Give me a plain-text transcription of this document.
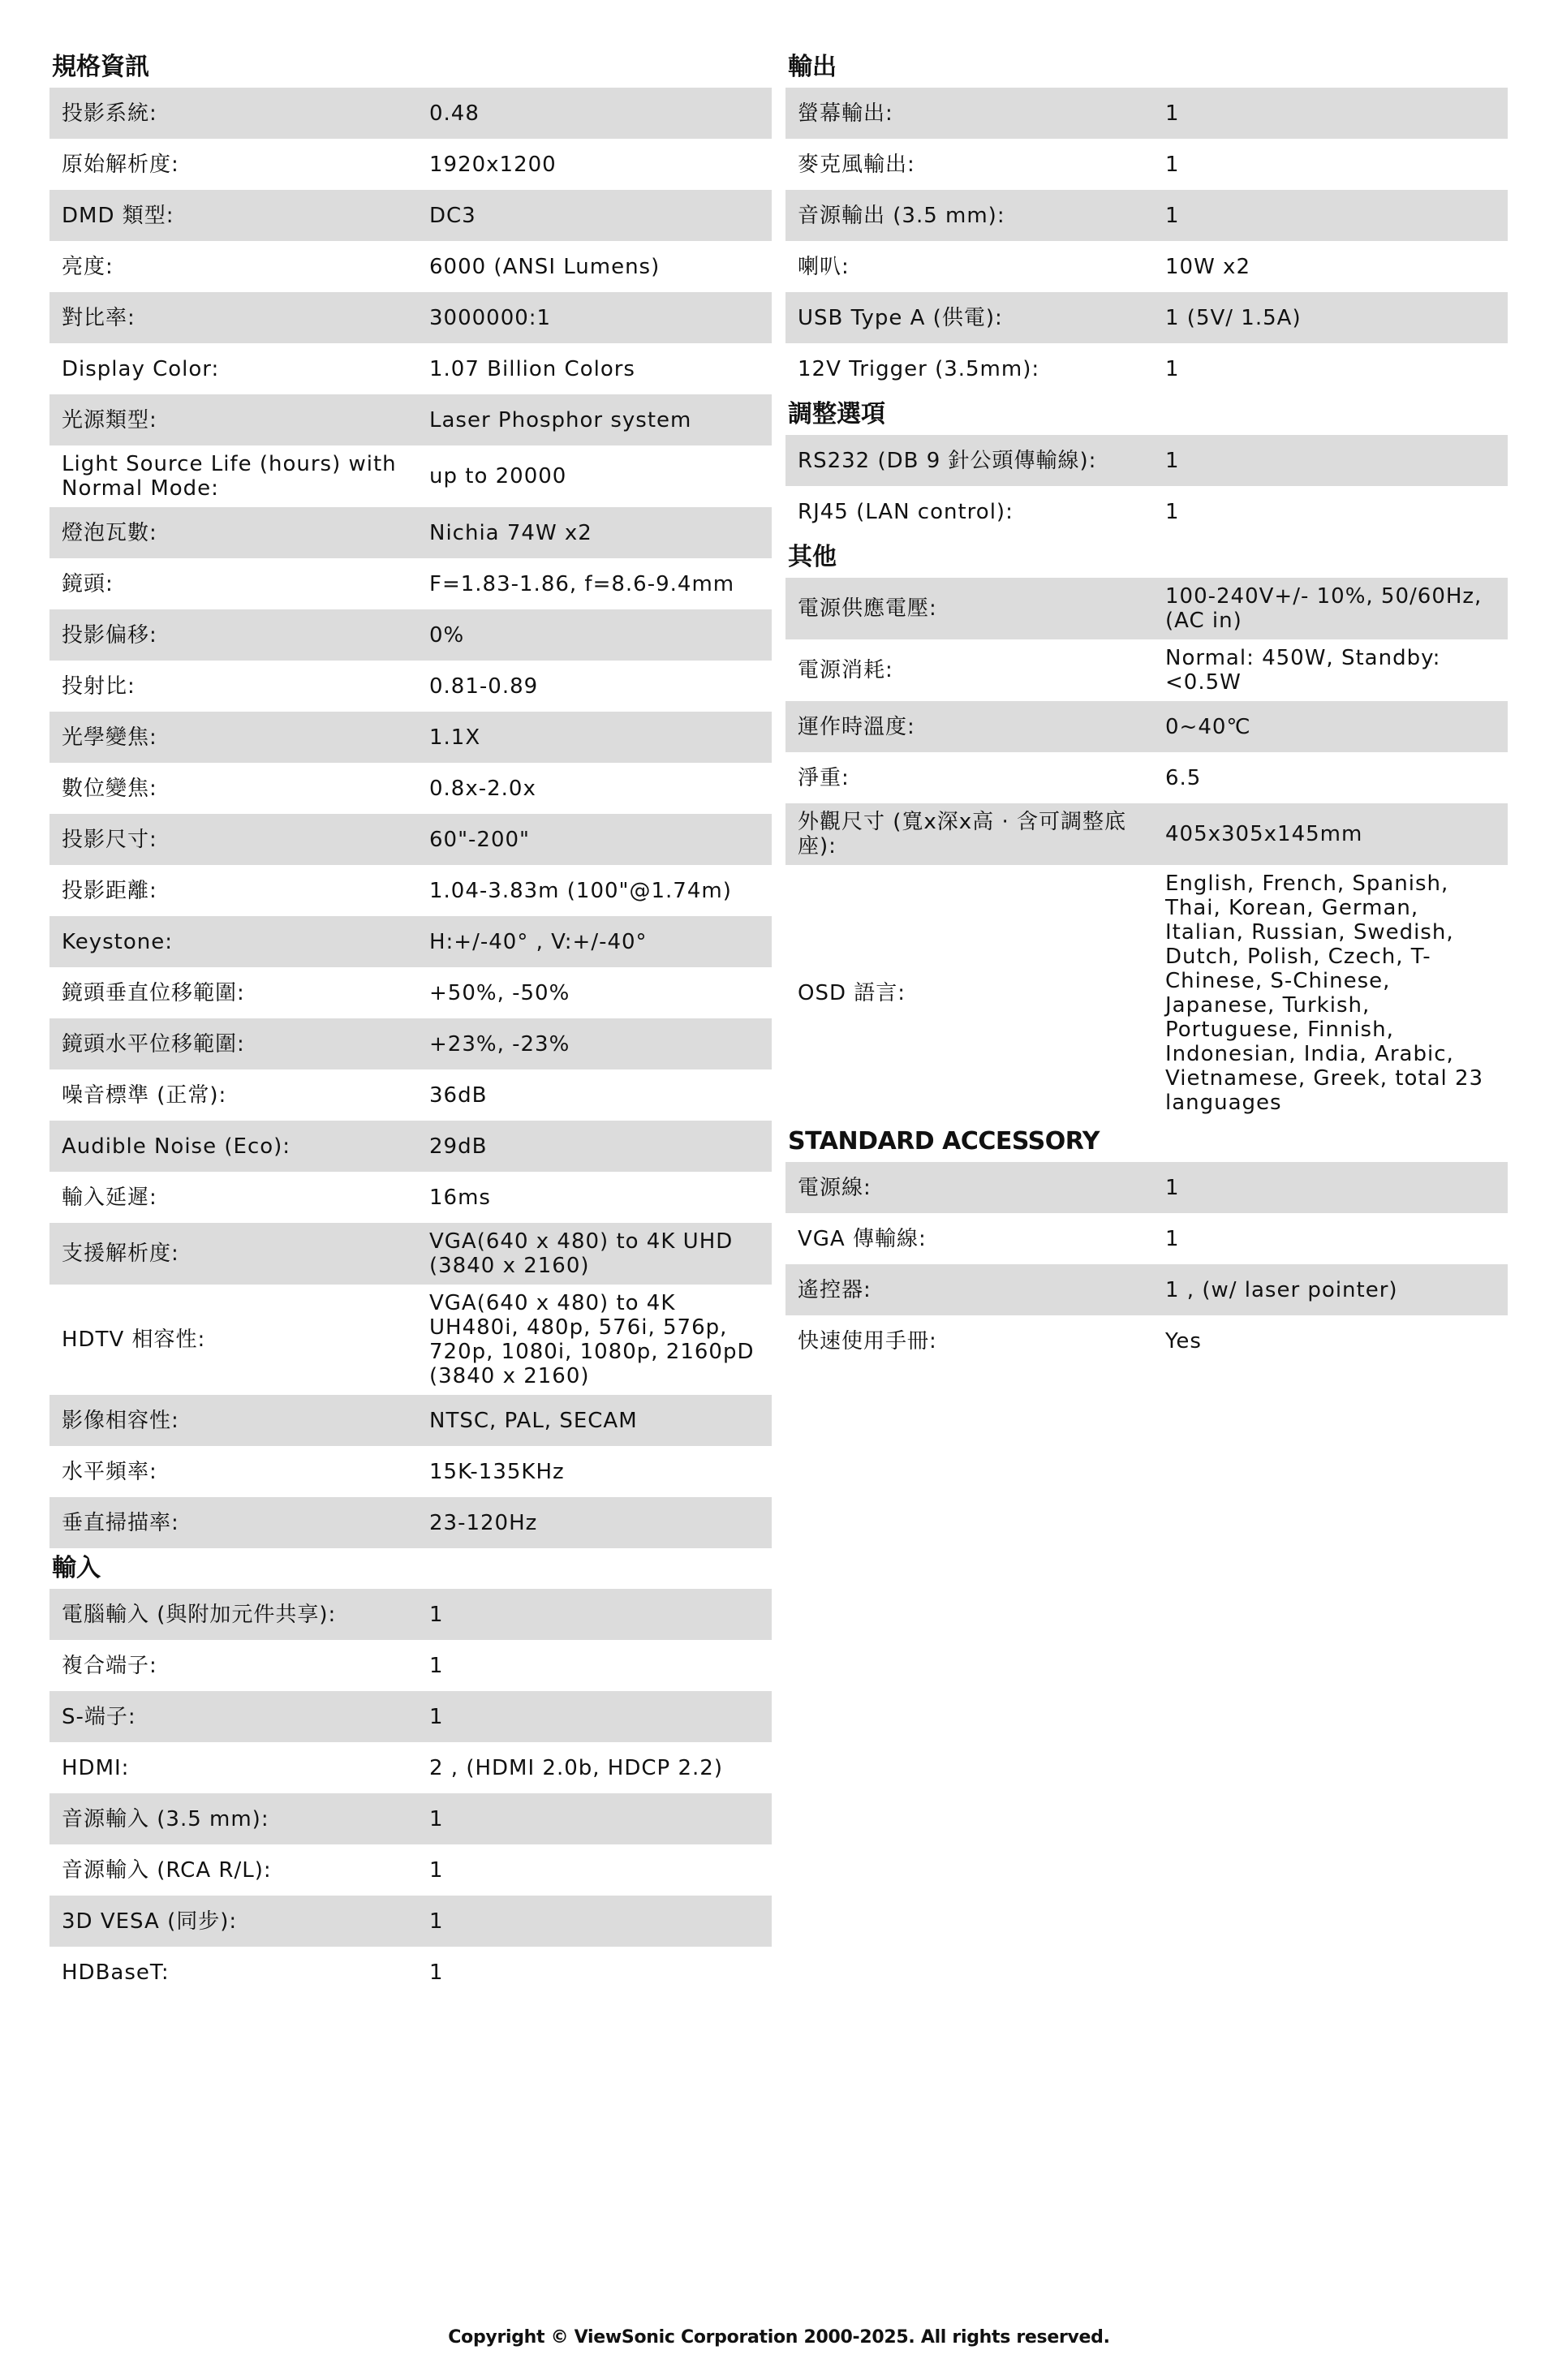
規格資訊
投影系統:	0.48
原始解析度:	1920x1200
DMD 類型:	DC3
亮度:	6000 (ANSI Lumens)
對比率:	3000000:1
Display Color:	1.07 Billion Colors
光源類型:	Laser Phosphor system
Light Source Life (hours) with Normal Mode:	up to 20000
燈泡瓦數:	Nichia 74W x2
鏡頭:	F=1.83-1.86, f=8.6-9.4mm
投影偏移:	0%
投射比:	0.81-0.89
光學變焦:	1.1X
數位變焦:	0.8x-2.0x
投影尺寸:	60"-200"
投影距離:	1.04-3.83m (100"@1.74m)
Keystone:	H:+/-40° , V:+/-40°
鏡頭垂直位移範圍:	+50%, -50%
鏡頭水平位移範圍:	+23%, -23%
噪音標準 (正常):	36dB
Audible Noise (Eco):	29dB
輸入延遲:	16ms
支援解析度:	VGA(640 x 480) to 4K UHD (3840 x 2160)
HDTV 相容性:
VGA(640 x 480) to 4K UH480i, 480p, 576i, 576p, 720p, 1080i, 1080p, 2160pD (3840 x 2160)
影像相容性:	NTSC, PAL, SECAM
水平頻率:	15K-135KHz
垂直掃描率:	23-120Hz
輸入
電腦輸入 (與附加元件共享):	1
複合端子:	1
S-端子:	1
HDMI:	2 , (HDMI 2.0b, HDCP 2.2)
音源輸入 (3.5 mm):	1
音源輸入 (RCA R/L):	1
3D VESA (同步):	1
HDBaseT:	1
輸出
螢幕輸出:	1
麥克風輸出:	1
音源輸出 (3.5 mm):	1
喇叭:	10W x2
USB Type A (供電):	1 (5V/ 1.5A)
12V Trigger (3.5mm):	1
調整選項
RS232 (DB 9 針公頭傳輸線):	1
RJ45 (LAN control):	1
其他
電源供應電壓:	100-240V+/- 10%, 50/60Hz, (AC in)
電源消耗:	Normal: 450W, Standby: <0.5W
運作時溫度:	0~40℃
淨重:	6.5
外觀尺寸 (寬x深x高 · 含可調整底座):	405x305x145mm
OSD 語言:
English, French, Spanish, Thai, Korean, German, Italian, Russian, Swedish, Dutch, Polish, Czech, T-Chinese, S-Chinese, Japanese, Turkish, Portuguese, Finnish, Indonesian, India, Arabic, Vietnamese, Greek, total 23 languages
STANDARD ACCESSORY
電源線:	1
VGA 傳輸線:	1
遙控器:	1 , (w/ laser pointer)
快速使用手冊:	Yes
Copyright © ViewSonic Corporation 2000-2025. All rights reserved.
